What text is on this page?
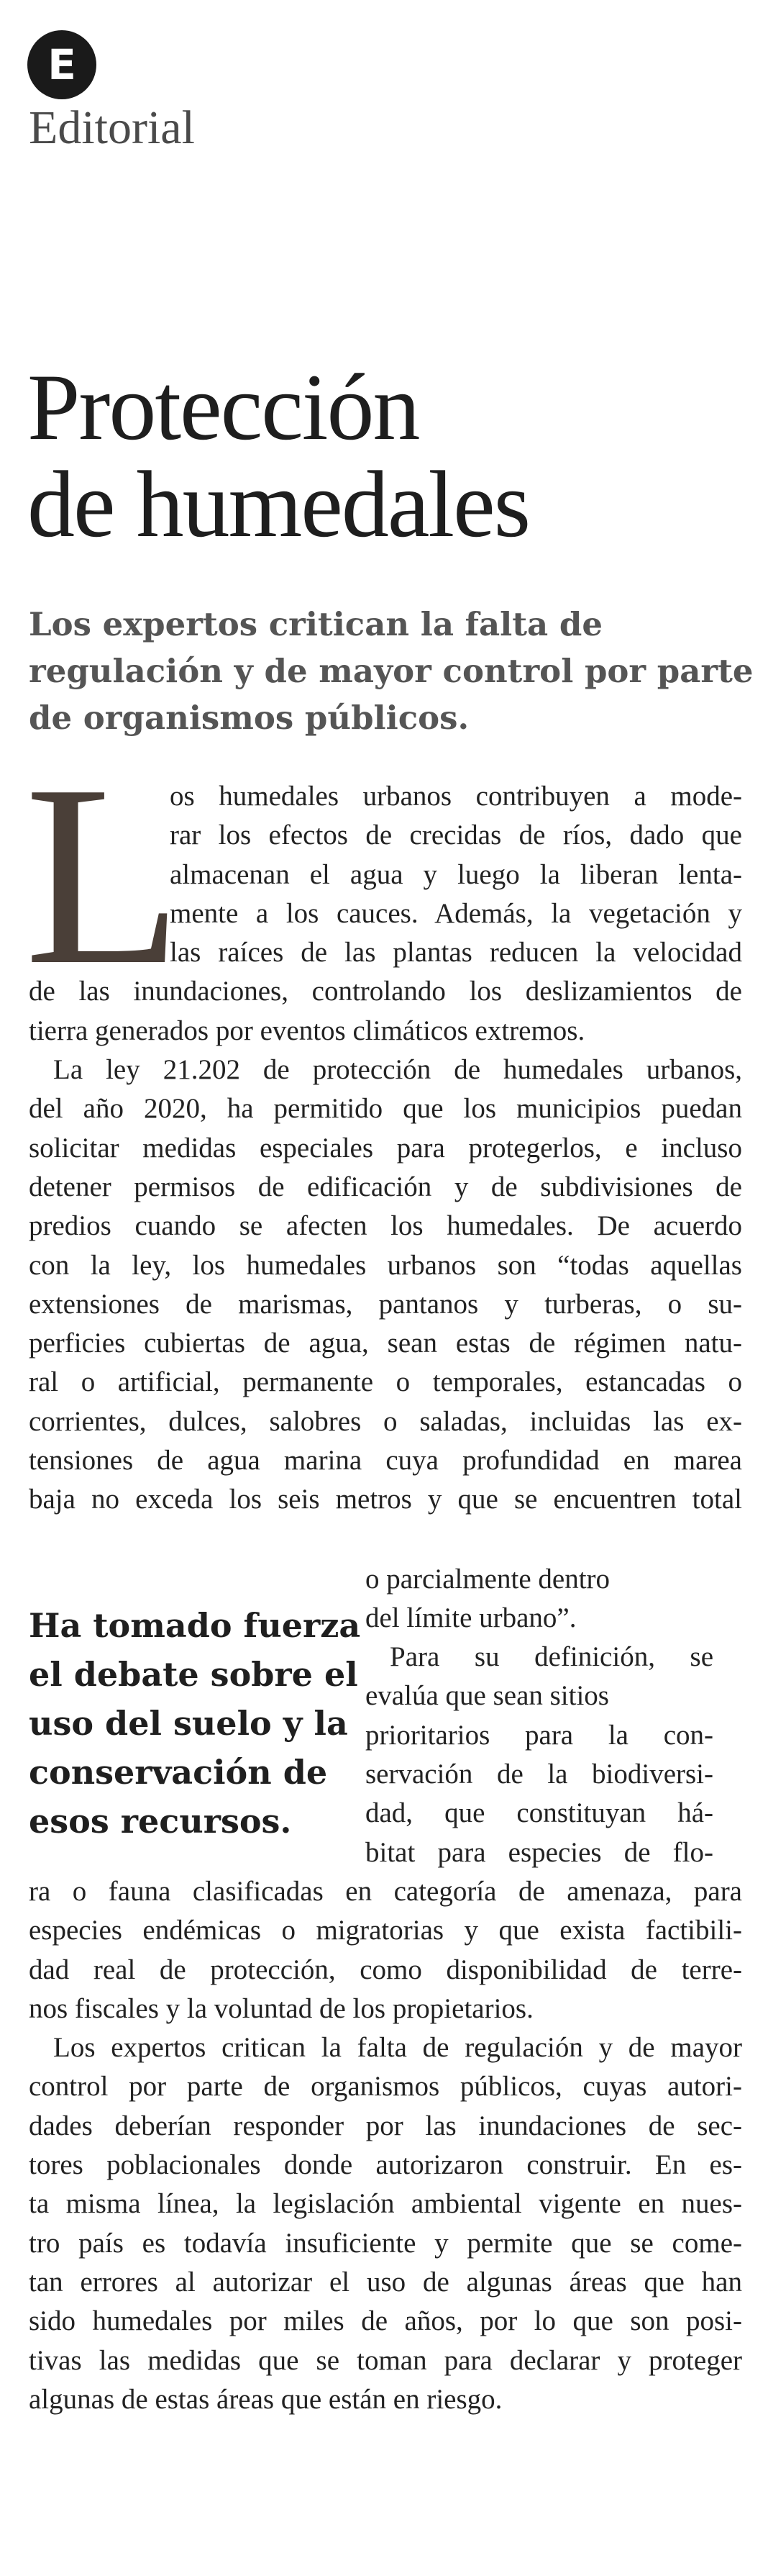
E
Editorial
Protección
de humedales
Los expertos critican la falta de
regulación y de mayor control por parte
de organismos públicos.
L
os humedales urbanos contribuyen a mode-
rar los efectos de crecidas de ríos, dado que
almacenan el agua y luego la liberan lenta-
mente a los cauces. Además, la vegetación y
las raíces de las plantas reducen la velocidad
de las inundaciones, controlando los deslizamientos de
tierra generados por eventos climáticos extremos.
La ley 21.202 de protección de humedales urbanos,
del año 2020, ha permitido que los municipios puedan
solicitar medidas especiales para protegerlos, e incluso
detener permisos de edificación y de subdivisiones de
predios cuando se afecten los humedales. De acuerdo
con la ley, los humedales urbanos son “todas aquellas
extensiones de marismas, pantanos y turberas, o su-
perficies cubiertas de agua, sean estas de régimen natu-
ral o artificial, permanente o temporales, estancadas o
corrientes, dulces, salobres o saladas, incluidas las ex-
tensiones de agua marina cuya profundidad en marea
baja no exceda los seis metros y que se encuentren total
o parcialmente dentro
del límite urbano”.
Para su definición, se
evalúa que sean sitios
prioritarios para la con-
servación de la biodiversi-
dad, que constituyan há-
bitat para especies de flo-
Ha tomado fuerza
el debate sobre el
uso del suelo y la
conservación de
esos recursos.
ra o fauna clasificadas en categoría de amenaza, para
especies endémicas o migratorias y que exista factibili-
dad real de protección, como disponibilidad de terre-
nos fiscales y la voluntad de los propietarios.
Los expertos critican la falta de regulación y de mayor
control por parte de organismos públicos, cuyas autori-
dades deberían responder por las inundaciones de sec-
tores poblacionales donde autorizaron construir. En es-
ta misma línea, la legislación ambiental vigente en nues-
tro país es todavía insuficiente y permite que se come-
tan errores al autorizar el uso de algunas áreas que han
sido humedales por miles de años, por lo que son posi-
tivas las medidas que se toman para declarar y proteger
algunas de estas áreas que están en riesgo.
